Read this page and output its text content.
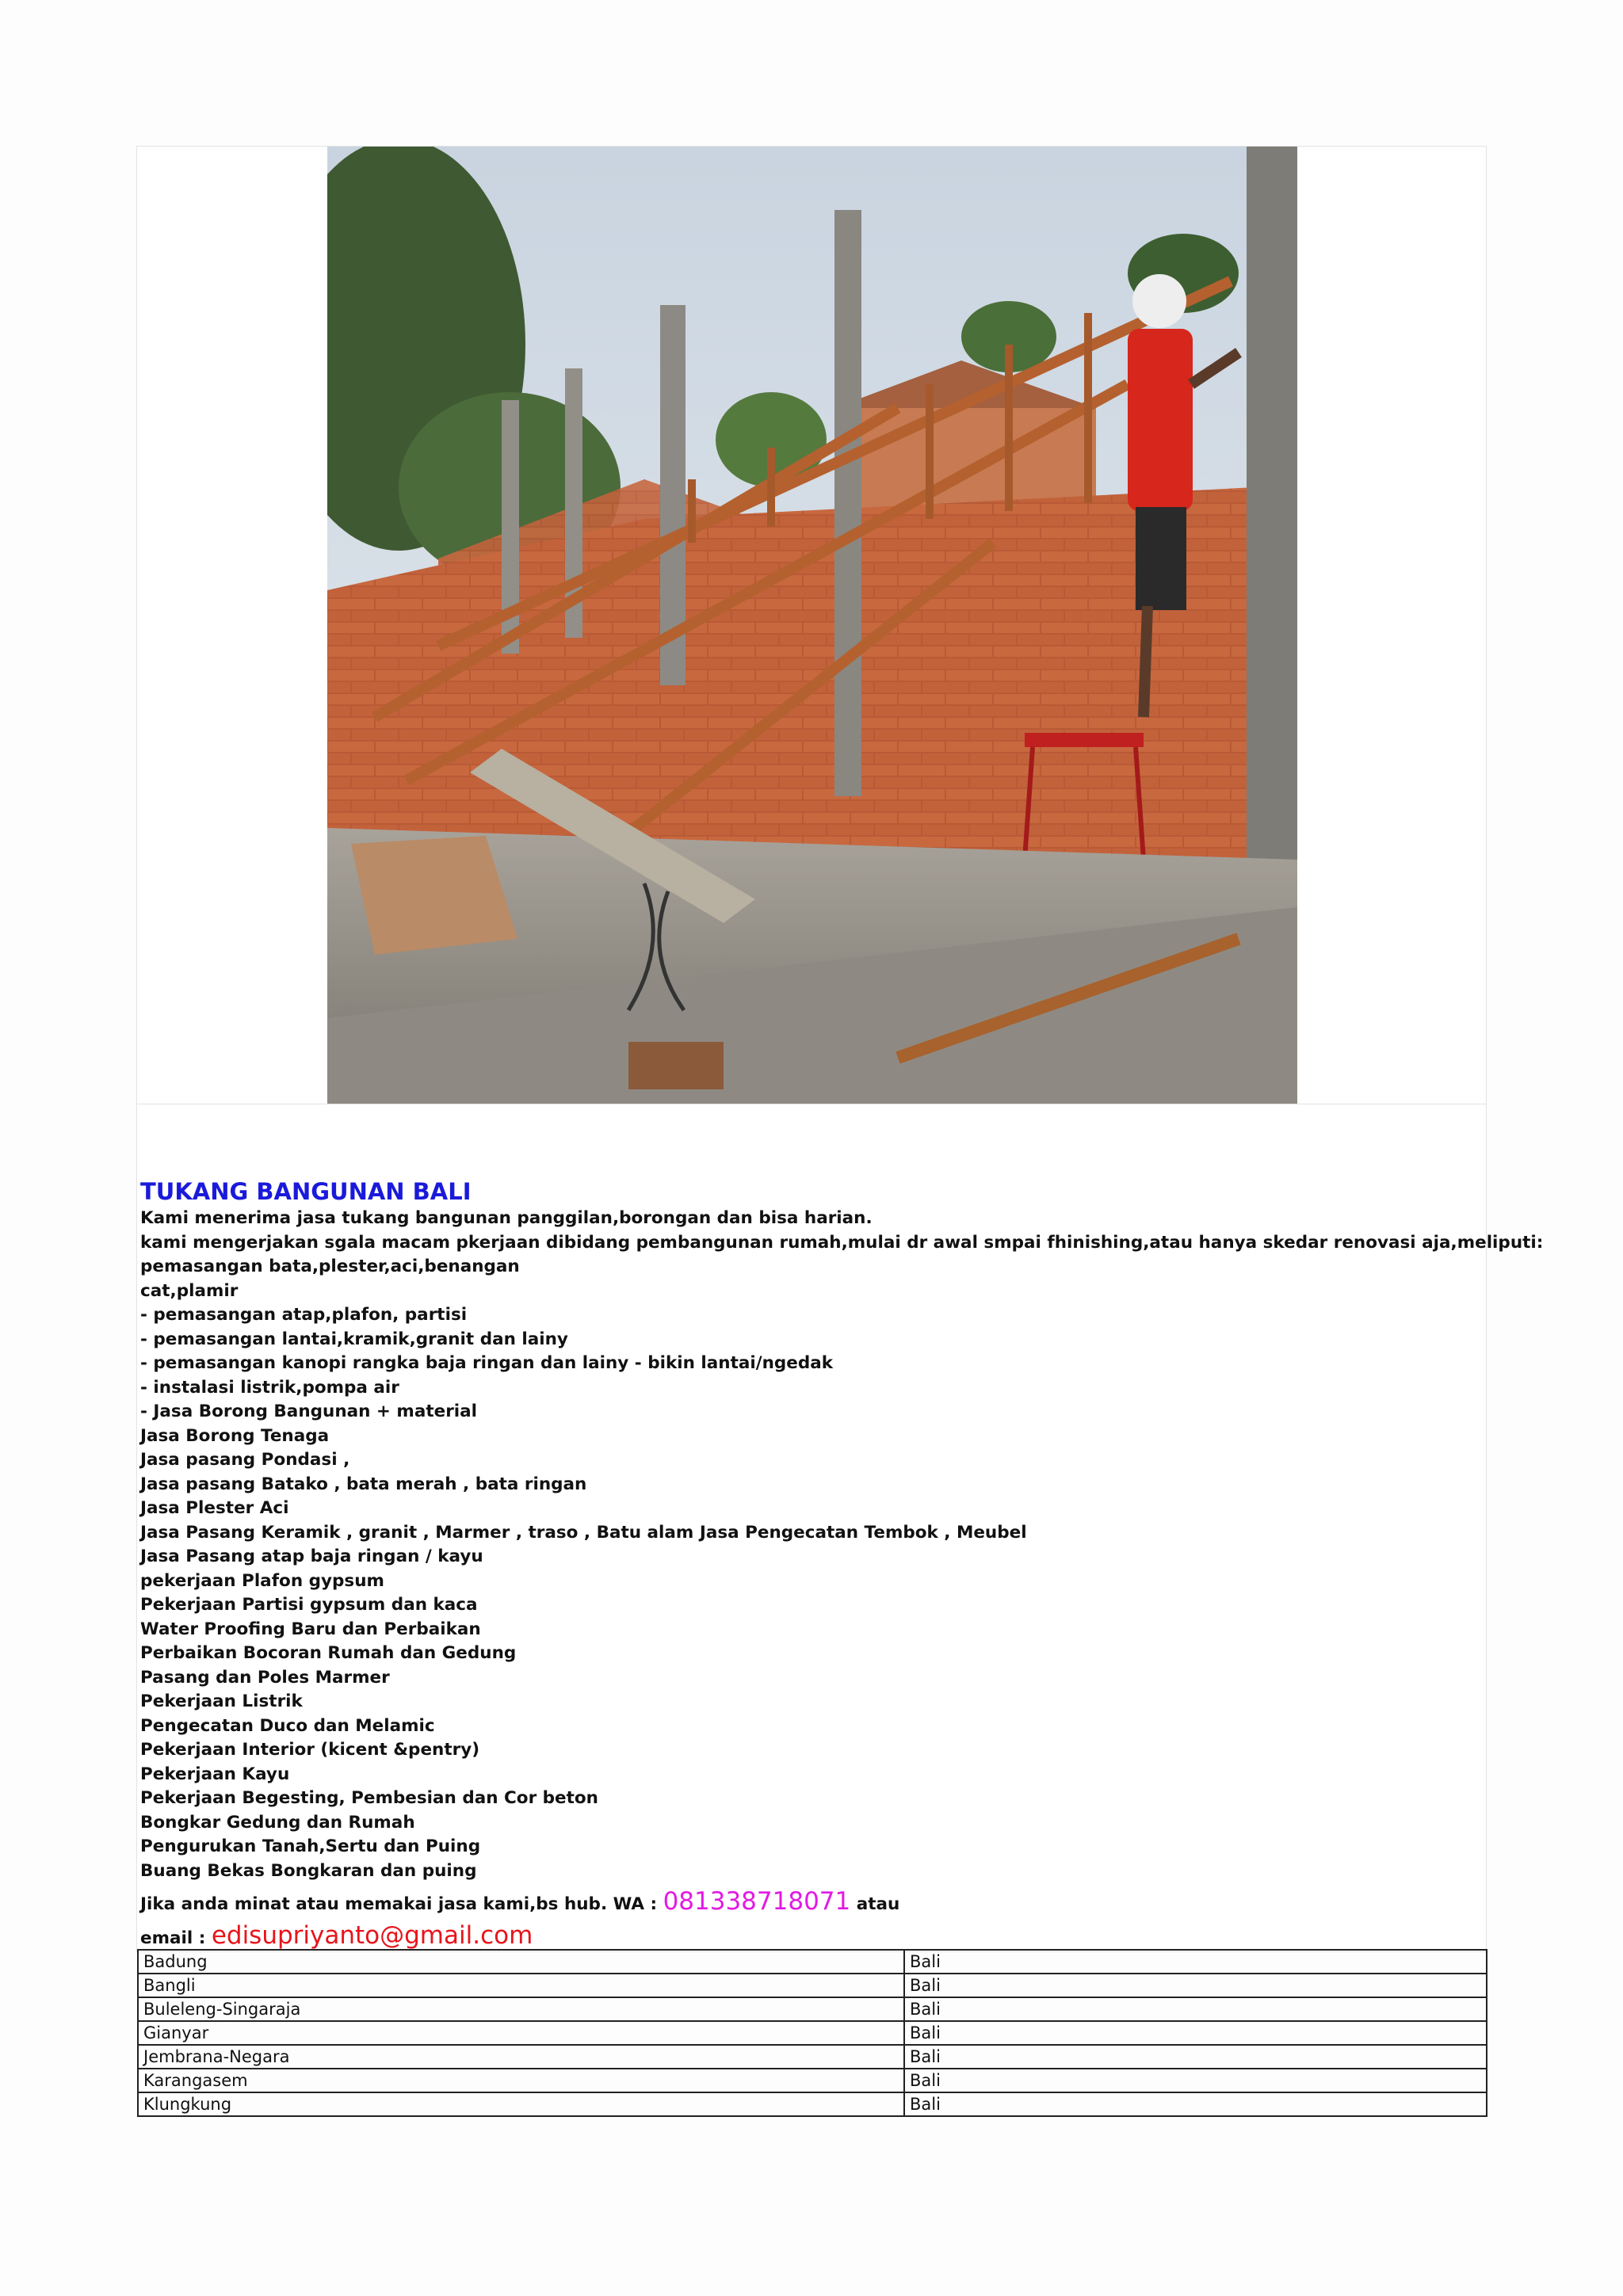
TUKANG BANGUNAN BALI
Kami menerima jasa tukang bangunan panggilan,borongan dan bisa harian.
kami mengerjakan sgala macam pkerjaan dibidang pembangunan rumah,mulai dr awal smpai fhinishing,atau hanya skedar renovasi aja,meliputi:
pemasangan bata,plester,aci,benangan
cat,plamir
- pemasangan atap,plafon, partisi
- pemasangan lantai,kramik,granit dan lainy
- pemasangan kanopi rangka baja ringan dan lainy - bikin lantai/ngedak
- instalasi listrik,pompa air
- Jasa Borong Bangunan + material
Jasa Borong Tenaga
Jasa pasang Pondasi ,
Jasa pasang Batako , bata merah , bata ringan
Jasa Plester Aci
Jasa Pasang Keramik , granit , Marmer , traso , Batu alam Jasa Pengecatan Tembok , Meubel
Jasa Pasang atap baja ringan / kayu
pekerjaan Plafon gypsum
Pekerjaan Partisi gypsum dan kaca
Water Proofing Baru dan Perbaikan
Perbaikan Bocoran Rumah dan Gedung
Pasang dan Poles Marmer
Pekerjaan Listrik
Pengecatan Duco dan Melamic
Pekerjaan Interior (kicent &pentry)
Pekerjaan Kayu
Pekerjaan Begesting, Pembesian dan Cor beton
Bongkar Gedung dan Rumah
Pengurukan Tanah,Sertu dan Puing
Buang Bekas Bongkaran dan puing
Jika anda minat atau memakai jasa kami,bs hub. WA : 081338718071 atau
email : edisupriyanto@gmail.com
Badung	Bali
Bangli	Bali
Buleleng-Singaraja	Bali
Gianyar	Bali
Jembrana-Negara	Bali
Karangasem	Bali
Klungkung	Bali
